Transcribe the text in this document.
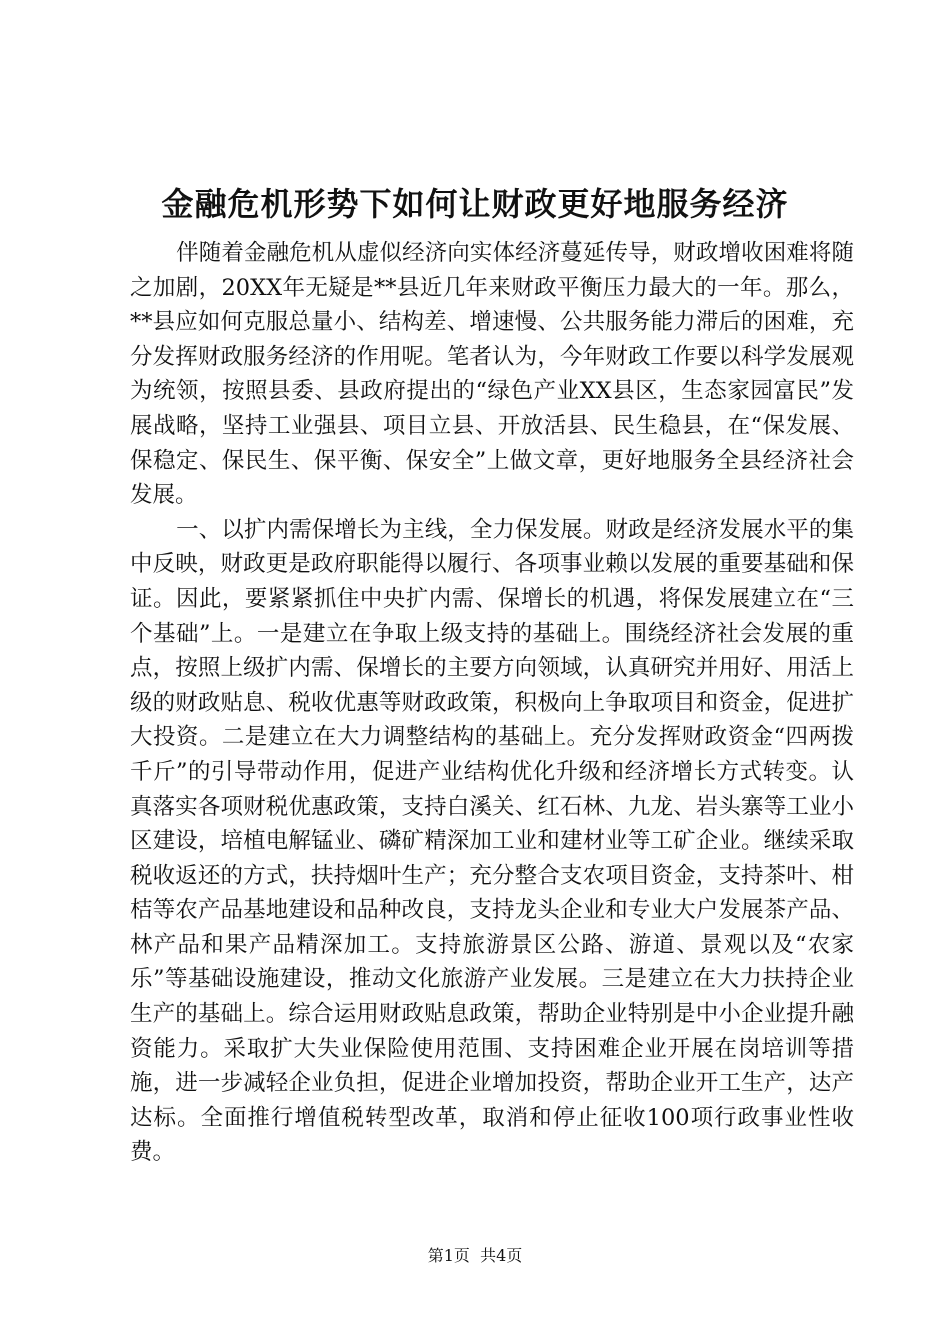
金融危机形势下如何让财政更好地服务经济

伴随着金融危机从虚似经济向实体经济蔓延传导，财政增收困难将随之加剧，20XX年无疑是**县近几年来财政平衡压力最大的一年。那么，**县应如何克服总量小、结构差、增速慢、公共服务能力滞后的困难，充分发挥财政服务经济的作用呢。笔者认为，今年财政工作要以科学发展观为统领，按照县委、县政府提出的“绿色产业XX县区，生态家园富民”发展战略，坚持工业强县、项目立县、开放活县、民生稳县，在“保发展、保稳定、保民生、保平衡、保安全”上做文章，更好地服务全县经济社会发展。

一、以扩内需保增长为主线，全力保发展。财政是经济发展水平的集中反映，财政更是政府职能得以履行、各项事业赖以发展的重要基础和保证。因此，要紧紧抓住中央扩内需、保增长的机遇，将保发展建立在“三个基础”上。一是建立在争取上级支持的基础上。围绕经济社会发展的重点，按照上级扩内需、保增长的主要方向领域，认真研究并用好、用活上级的财政贴息、税收优惠等财政政策，积极向上争取项目和资金，促进扩大投资。二是建立在大力调整结构的基础上。充分发挥财政资金“四两拨千斤”的引导带动作用，促进产业结构优化升级和经济增长方式转变。认真落实各项财税优惠政策，支持白溪关、红石林、九龙、岩头寨等工业小区建设，培植电解锰业、磷矿精深加工业和建材业等工矿企业。继续采取税收返还的方式，扶持烟叶生产；充分整合支农项目资金，支持茶叶、柑桔等农产品基地建设和品种改良，支持龙头企业和专业大户发展茶产品、林产品和果产品精深加工。支持旅游景区公路、游道、景观以及“农家乐”等基础设施建设，推动文化旅游产业发展。三是建立在大力扶持企业生产的基础上。综合运用财政贴息政策，帮助企业特别是中小企业提升融资能力。采取扩大失业保险使用范围、支持困难企业开展在岗培训等措施，进一步减轻企业负担，促进企业增加投资，帮助企业开工生产，达产达标。全面推行增值税转型改革，取消和停止征收100项行政事业性收费。

第1页 共4页
